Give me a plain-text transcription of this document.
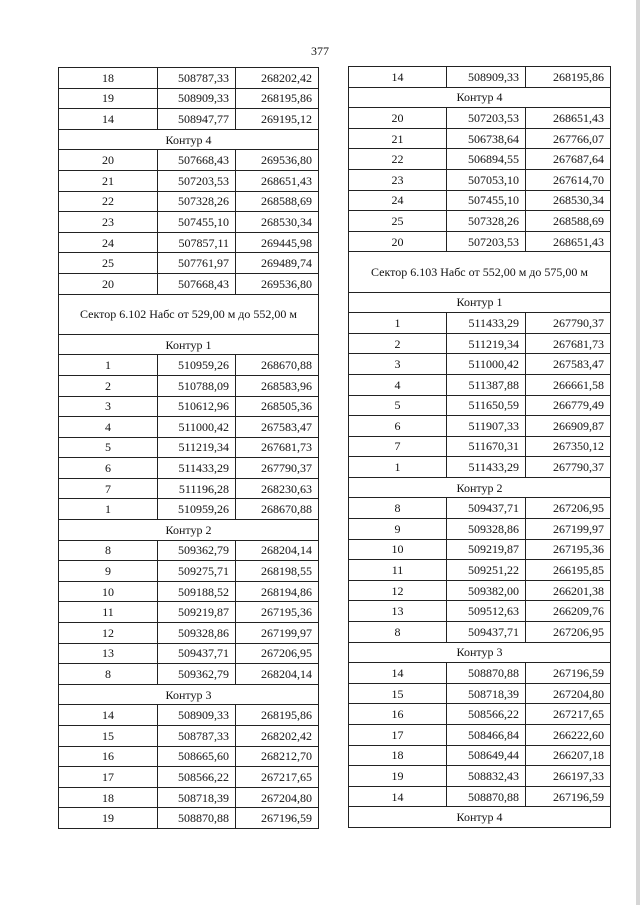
377
18	508787,33	268202,42
19	508909,33	268195,86
14	508947,77	269195,12
Контур 4		
20	507668,43	269536,80
21	507203,53	268651,43
22	507328,26	268588,69
23	507455,10	268530,34
24	507857,11	269445,98
25	507761,97	269489,74
20	507668,43	269536,80
Сектор 6.102 Набс от 529,00 м до 552,00 м		
Контур 1		
1	510959,26	268670,88
2	510788,09	268583,96
3	510612,96	268505,36
4	511000,42	267583,47
5	511219,34	267681,73
6	511433,29	267790,37
7	511196,28	268230,63
1	510959,26	268670,88
Контур 2		
8	509362,79	268204,14
9	509275,71	268198,55
10	509188,52	268194,86
11	509219,87	267195,36
12	509328,86	267199,97
13	509437,71	267206,95
8	509362,79	268204,14
Контур 3		
14	508909,33	268195,86
15	508787,33	268202,42
16	508665,60	268212,70
17	508566,22	267217,65
18	508718,39	267204,80
19	508870,88	267196,59
14	508909,33	268195,86
Контур 4		
20	507203,53	268651,43
21	506738,64	267766,07
22	506894,55	267687,64
23	507053,10	267614,70
24	507455,10	268530,34
25	507328,26	268588,69
20	507203,53	268651,43
Сектор 6.103 Набс от 552,00 м до 575,00 м		
Контур 1		
1	511433,29	267790,37
2	511219,34	267681,73
3	511000,42	267583,47
4	511387,88	266661,58
5	511650,59	266779,49
6	511907,33	266909,87
7	511670,31	267350,12
1	511433,29	267790,37
Контур 2		
8	509437,71	267206,95
9	509328,86	267199,97
10	509219,87	267195,36
11	509251,22	266195,85
12	509382,00	266201,38
13	509512,63	266209,76
8	509437,71	267206,95
Контур 3		
14	508870,88	267196,59
15	508718,39	267204,80
16	508566,22	267217,65
17	508466,84	266222,60
18	508649,44	266207,18
19	508832,43	266197,33
14	508870,88	267196,59
Контур 4		
